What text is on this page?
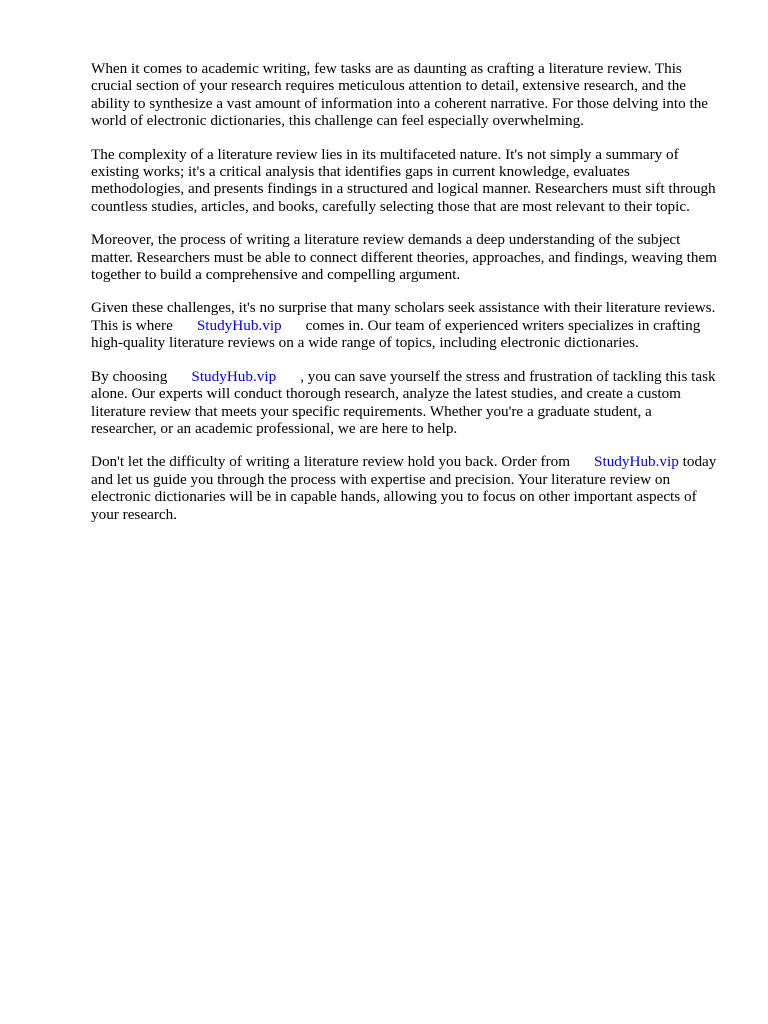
When it comes to academic writing, few tasks are as daunting as crafting a literature review. This crucial section of your research requires meticulous attention to detail, extensive research, and the ability to synthesize a vast amount of information into a coherent narrative. For those delving into the world of electronic dictionaries, this challenge can feel especially overwhelming.

The complexity of a literature review lies in its multifaceted nature. It's not simply a summary of existing works; it's a critical analysis that identifies gaps in current knowledge, evaluates methodologies, and presents findings in a structured and logical manner. Researchers must sift through countless studies, articles, and books, carefully selecting those that are most relevant to their topic.

Moreover, the process of writing a literature review demands a deep understanding of the subject matter. Researchers must be able to connect different theories, approaches, and findings, weaving them together to build a comprehensive and compelling argument.

Given these challenges, it's no surprise that many scholars seek assistance with their literature reviews. This is where StudyHub.vip comes in. Our team of experienced writers specializes in crafting high-quality literature reviews on a wide range of topics, including electronic dictionaries.

By choosing StudyHub.vip , you can save yourself the stress and frustration of tackling this task alone. Our experts will conduct thorough research, analyze the latest studies, and create a custom literature review that meets your specific requirements. Whether you're a graduate student, a researcher, or an academic professional, we are here to help.

Don't let the difficulty of writing a literature review hold you back. Order from StudyHub.vip today and let us guide you through the process with expertise and precision. Your literature review on electronic dictionaries will be in capable hands, allowing you to focus on other important aspects of your research.
